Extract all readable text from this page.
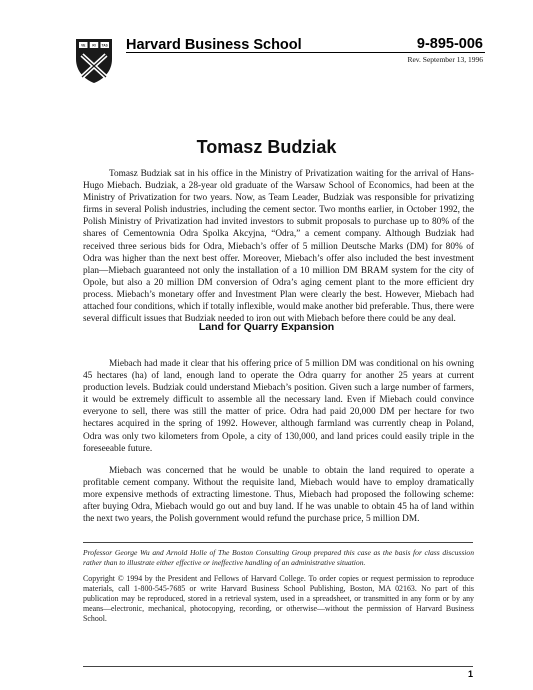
VE RI TAS Harvard Business School	9-895-006
Rev. September 13, 1996
Tomasz Budziak

Tomasz Budziak sat in his office in the Ministry of Privatization waiting for the arrival of Hans-Hugo Miebach. Budziak, a 28-year old graduate of the Warsaw School of Economics, had been at the Ministry of Privatization for two years. Now, as Team Leader, Budziak was responsible for privatizing firms in several Polish industries, including the cement sector. Two months earlier, in October 1992, the Polish Ministry of Privatization had invited investors to submit proposals to purchase up to 80% of the shares of Cementownia Odra Spolka Akcyjna, “Odra,” a cement company. Although Budziak had received three serious bids for Odra, Miebach’s offer of 5 million Deutsche Marks (DM) for 80% of Odra was higher than the next best offer. Moreover, Miebach’s offer also included the best investment plan—Miebach guaranteed not only the installation of a 10 million DM BRAM system for the city of Opole, but also a 20 million DM conversion of Odra’s aging cement plant to the more efficient dry process. Miebach’s monetary offer and Investment Plan were clearly the best. However, Miebach had attached four conditions, which if totally inflexible, would make another bid preferable. Thus, there were several difficult issues that Budziak needed to iron out with Miebach before there could be any deal.

Land for Quarry Expansion

Miebach had made it clear that his offering price of 5 million DM was conditional on his owning 45 hectares (ha) of land, enough land to operate the Odra quarry for another 25 years at current production levels. Budziak could understand Miebach’s position. Given such a large number of farmers, it would be extremely difficult to assemble all the necessary land. Even if Miebach could convince everyone to sell, there was still the matter of price. Odra had paid 20,000 DM per hectare for two hectares acquired in the spring of 1992. However, although farmland was currently cheap in Poland, Odra was only two kilometers from Opole, a city of 130,000, and land prices could easily triple in the foreseeable future.

Miebach was concerned that he would be unable to obtain the land required to operate a profitable cement company. Without the requisite land, Miebach would have to employ dramatically more expensive methods of extracting limestone. Thus, Miebach had proposed the following scheme: after buying Odra, Miebach would go out and buy land. If he was unable to obtain 45 ha of land within the next two years, the Polish government would refund the purchase price, 5 million DM.

Professor George Wu and Arnold Holle of The Boston Consulting Group prepared this case as the basis for class discussion rather than to illustrate either effective or ineffective handling of an administrative situation.

Copyright © 1994 by the President and Fellows of Harvard College. To order copies or request permission to reproduce materials, call 1-800-545-7685 or write Harvard Business School Publishing, Boston, MA 02163. No part of this publication may be reproduced, stored in a retrieval system, used in a spreadsheet, or transmitted in any form or by any means—electronic, mechanical, photocopying, recording, or otherwise—without the permission of Harvard Business School.

1
